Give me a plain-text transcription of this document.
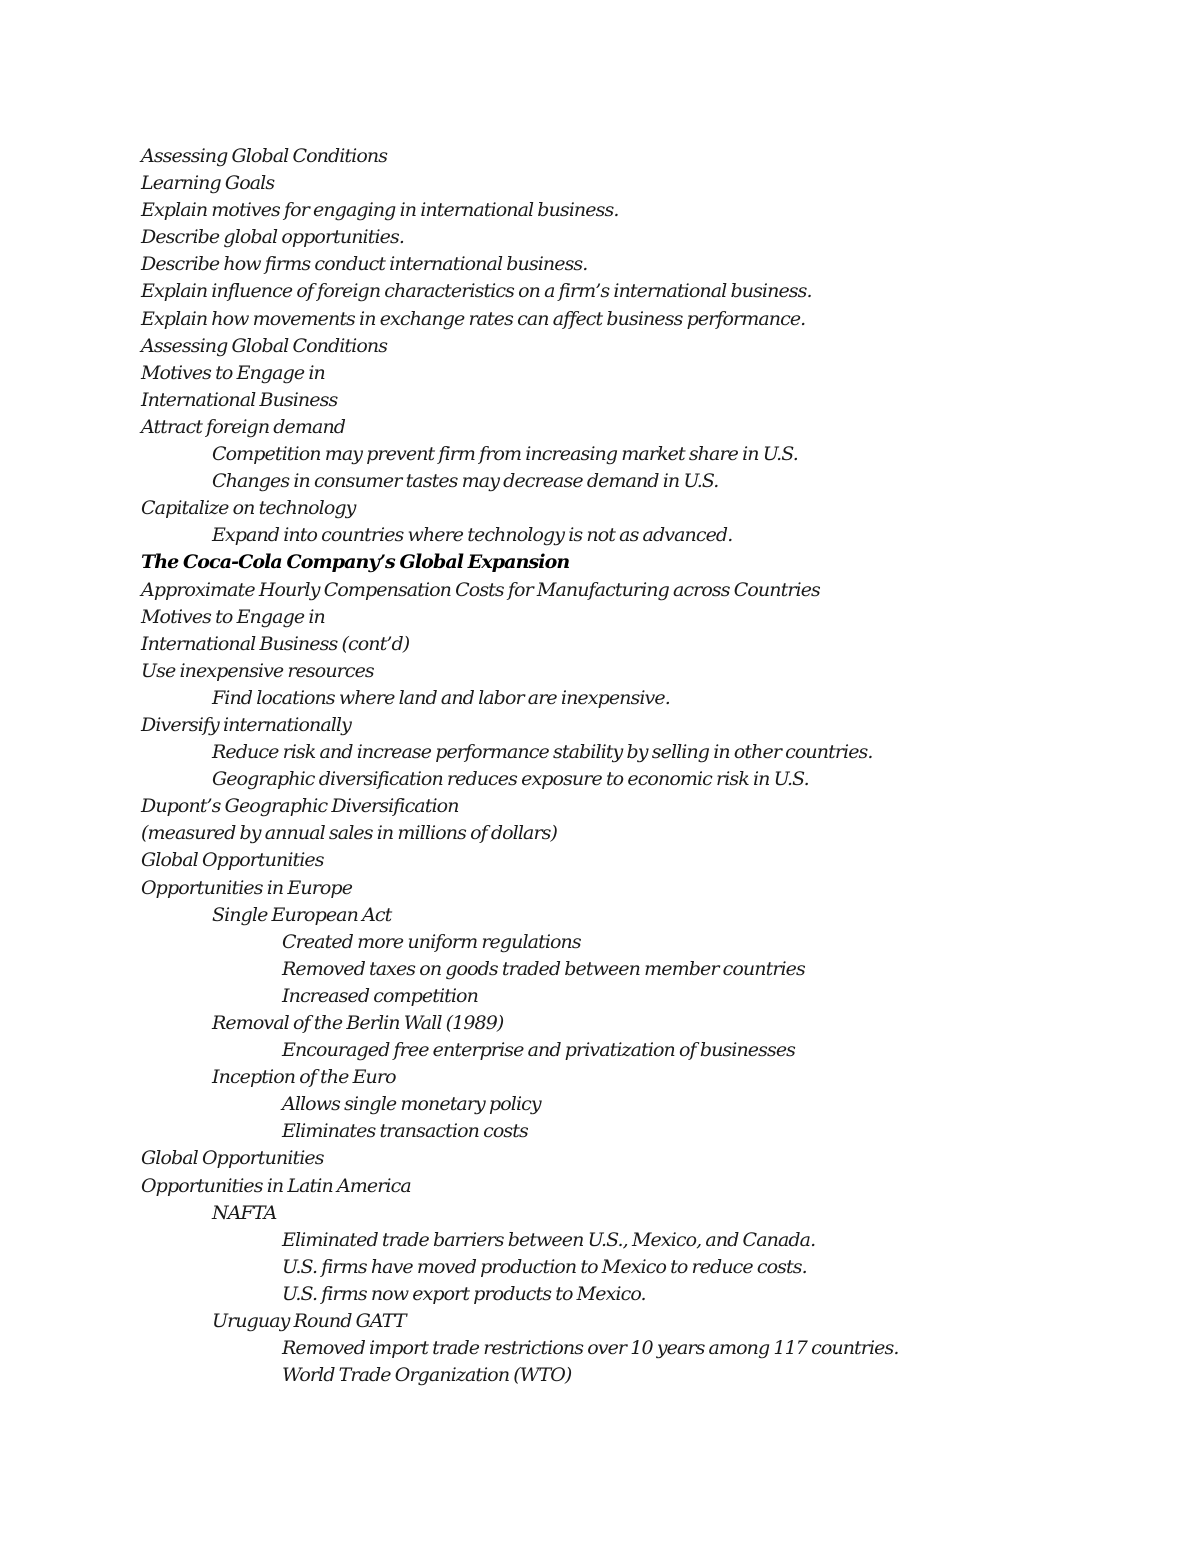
Assessing Global Conditions
Learning Goals
Explain motives for engaging in international business.
Describe global opportunities.
Describe how firms conduct international business.
Explain influence of foreign characteristics on a firm’s international business.
Explain how movements in exchange rates can affect business performance.
Assessing Global Conditions
Motives to Engage in
International Business
Attract foreign demand
Competition may prevent firm from increasing market share in U.S.
Changes in consumer tastes may decrease demand in U.S.
Capitalize on technology
Expand into countries where technology is not as advanced.
The Coca-Cola Company’s Global Expansion
Approximate Hourly Compensation Costs for Manufacturing across Countries
Motives to Engage in
International Business (cont’d)
Use inexpensive resources
Find locations where land and labor are inexpensive.
Diversify internationally
Reduce risk and increase performance stability by selling in other countries.
Geographic diversification reduces exposure to economic risk in U.S.
Dupont’s Geographic Diversification
(measured by annual sales in millions of dollars)
Global Opportunities
Opportunities in Europe
Single European Act
Created more uniform regulations
Removed taxes on goods traded between member countries
Increased competition
Removal of the Berlin Wall (1989)
Encouraged free enterprise and privatization of businesses
Inception of the Euro
Allows single monetary policy
Eliminates transaction costs
Global Opportunities
Opportunities in Latin America
NAFTA
Eliminated trade barriers between U.S., Mexico, and Canada.
U.S. firms have moved production to Mexico to reduce costs.
U.S. firms now export products to Mexico.
Uruguay Round GATT
Removed import trade restrictions over 10 years among 117 countries.
World Trade Organization (WTO)
